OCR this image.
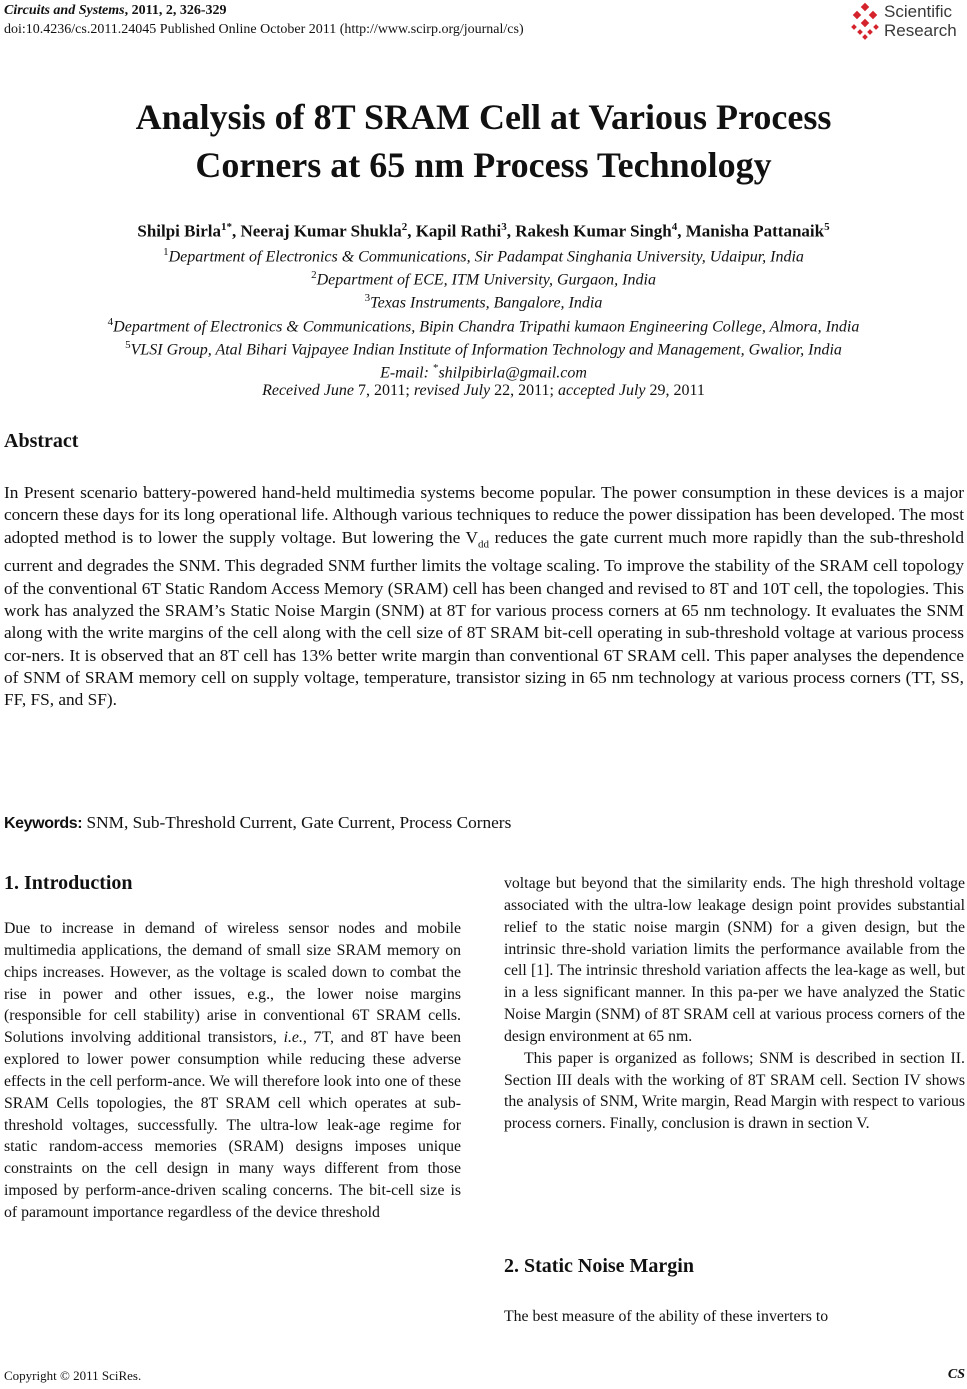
Circuits and Systems, 2011, 2, 326-329
doi:10.4236/cs.2011.24045 Published Online October 2011 (http://www.scirp.org/journal/cs)
Scientific
Research
Analysis of 8T SRAM Cell at Various Process
Corners at 65 nm Process Technology
Shilpi Birla$^{1*}$, Neeraj Kumar Shukla$^2$, Kapil Rathi$^3$, Rakesh Kumar Singh$^4$, Manisha Pattanaik$^5$
$^1$Department of Electronics & Communications, Sir Padampat Singhania University, Udaipur, India
$^2$Department of ECE, ITM University, Gurgaon, India
$^3$Texas Instruments, Bangalore, India
$^4$Department of Electronics & Communications, Bipin Chandra Tripathi kumaon Engineering College, Almora, India
$^5$VLSI Group, Atal Bihari Vajpayee Indian Institute of Information Technology and Management, Gwalior, India
E-mail: *shilpibirla@gmail.com
Received June 7, 2011; revised July 22, 2011; accepted July 29, 2011
Abstract

In Present scenario battery-powered hand-held multimedia systems become popular. The power consumption in these devices is a major concern these days for its long operational life. Although various techniques to reduce the power dissipation has been developed. The most adopted method is to lower the supply voltage. But lowering the $V_{dd}$ reduces the gate current much more rapidly than the sub-threshold current and degrades the SNM. This degraded SNM further limits the voltage scaling. To improve the stability of the SRAM cell topology of the conventional 6T Static Random Access Memory (SRAM) cell has been changed and revised to 8T and 10T cell, the topologies. This work has analyzed the SRAM’s Static Noise Margin (SNM) at 8T for various process corners at 65 nm technology. It evaluates the SNM along with the write margins of the cell along with the cell size of 8T SRAM bit-cell operating in sub-threshold voltage at various process cor-ners. It is observed that an 8T cell has 13% better write margin than conventional 6T SRAM cell. This paper analyses the dependence of SNM of SRAM memory cell on supply voltage, temperature, transistor sizing in 65 nm technology at various process corners (TT, SS, FF, FS, and SF).

Keywords: SNM, Sub-Threshold Current, Gate Current, Process Corners
1. Introduction

Due to increase in demand of wireless sensor nodes and mobile multimedia applications, the demand of small size SRAM memory on chips increases. However, as the voltage is scaled down to combat the rise in power and other issues, e.g., the lower noise margins (responsible for cell stability) arise in conventional 6T SRAM cells. Solutions involving additional transistors, i.e., 7T, and 8T have been explored to lower power consumption while reducing these adverse effects in the cell perform-ance. We will therefore look into one of these SRAM Cells topologies, the 8T SRAM cell which operates at sub-threshold voltages, successfully. The ultra-low leak-age regime for static random-access memories (SRAM) designs imposes unique constraints on the cell design in many ways different from those imposed by perform-ance-driven scaling concerns. The bit-cell size is of paramount importance regardless of the device threshold

voltage but beyond that the similarity ends. The high threshold voltage associated with the ultra-low leakage design point provides substantial relief to the static noise margin (SNM) for a given design, but the intrinsic thre-shold variation limits the performance available from the cell [1]. The intrinsic threshold variation affects the lea-kage as well, but in a less significant manner. In this pa-per we have analyzed the Static Noise Margin (SNM) of 8T SRAM cell at various process corners of the design environment at 65 nm.
This paper is organized as follows; SNM is described in section II. Section III deals with the working of 8T SRAM cell. Section IV shows the analysis of SNM, Write margin, Read Margin with respect to various process corners. Finally, conclusion is drawn in section V.

2. Static Noise Margin

The best measure of the ability of these inverters to

Copyright © 2011 SciRes.	CS
